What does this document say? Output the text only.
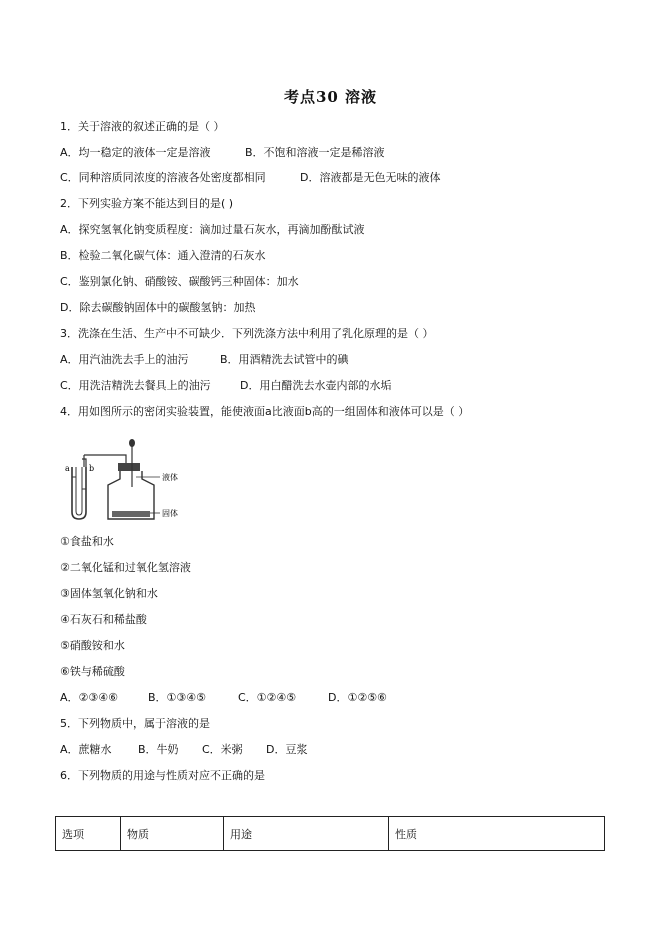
考点30 溶液
1．关于溶液的叙述正确的是（ ）
A．均一稳定的液体一定是溶液	B．不饱和溶液一定是稀溶液
C．同种溶质同浓度的溶液各处密度都相同	D．溶液都是无色无味的液体
2．下列实验方案不能达到目的是( )
A．探究氢氧化钠变质程度：滴加过量石灰水，再滴加酚酞试液
B．检验二氧化碳气体：通入澄清的石灰水
C．鉴别氯化钠、硝酸铵、碳酸钙三种固体：加水
D．除去碳酸钠固体中的碳酸氢钠：加热
3．洗涤在生活、生产中不可缺少．下列洗涤方法中利用了乳化原理的是（ ）
A．用汽油洗去手上的油污	B．用酒精洗去试管中的碘
C．用洗洁精洗去餐具上的油污	D．用白醋洗去水壶内部的水垢
4．用如图所示的密闭实验装置，能使液面a比液面b高的一组固体和液体可以是（ ）
a b
液体
固体
①食盐和水
②二氧化锰和过氧化氢溶液
③固体氢氧化钠和水
④石灰石和稀盐酸
⑤硝酸铵和水
⑥铁与稀硫酸
A．②③④⑥	B．①③④⑤	C．①②④⑤	D．①②⑤⑥
5．下列物质中，属于溶液的是
A．蔗糖水 B．牛奶 C．米粥 D．豆浆
6．下列物质的用途与性质对应不正确的是
选项	物质	用途	性质
